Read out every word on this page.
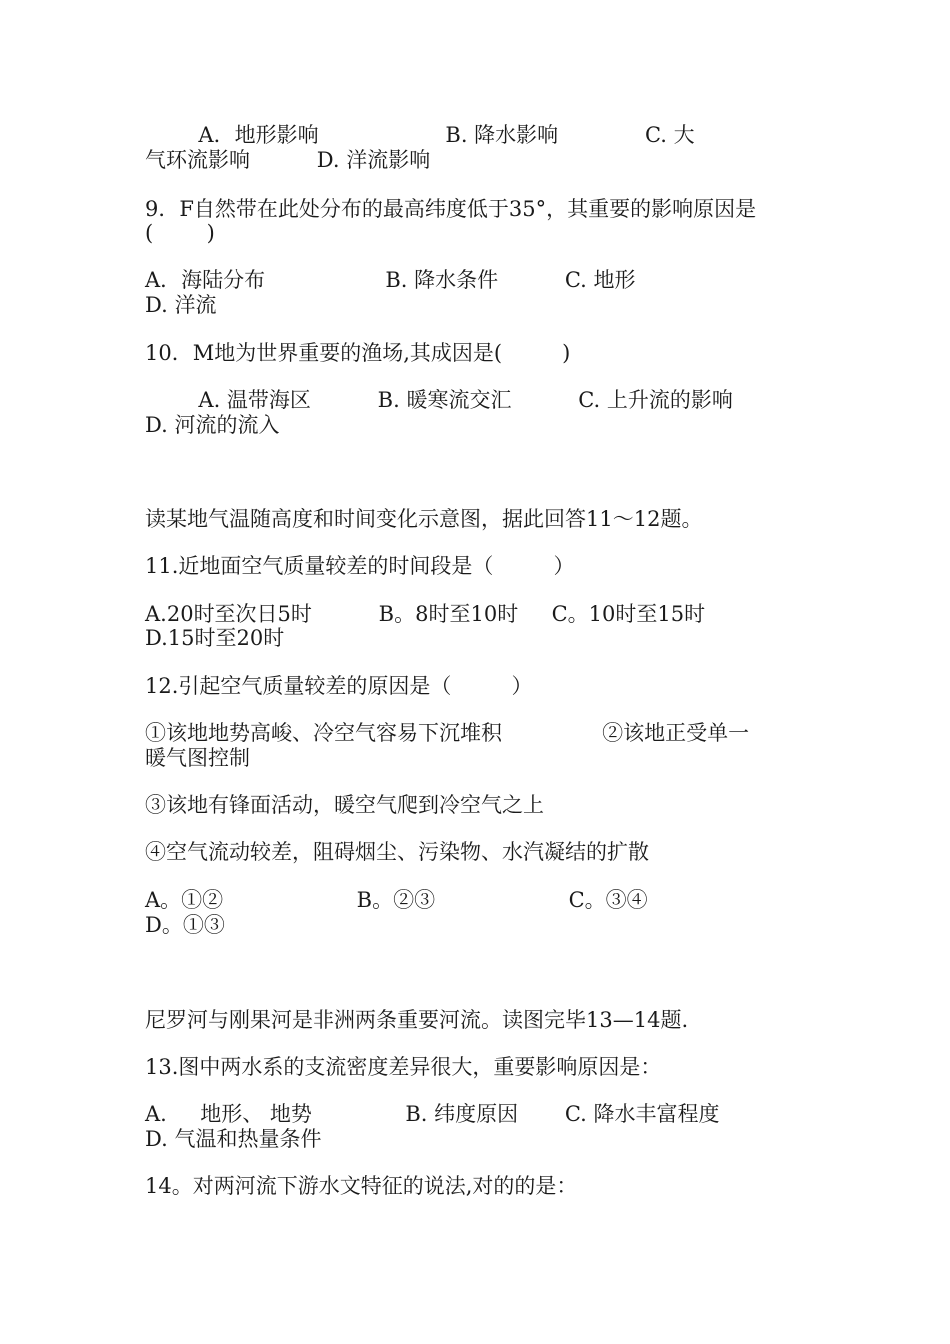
A．地形影响                   B. 降水影响             C. 大
气环流影响          D. 洋流影响
9．F自然带在此处分布的最高纬度低于35°，其重要的影响原因是
(        )
A．海陆分布                  B. 降水条件          C. 地形
D. 洋流
10．M地为世界重要的渔场,其成因是(         )
A. 温带海区          B. 暖寒流交汇          C. 上升流的影响
D. 河流的流入
读某地气温随高度和时间变化示意图，据此回答11～12题。
11.近地面空气质量较差的时间段是（         ）
A.20时至次日5时          B。8时至10时     C。10时至15时
D.15时至20时
12.引起空气质量较差的原因是（         ）
①该地地势高峻、冷空气容易下沉堆积               ②该地正受单一
暖气图控制
③该地有锋面活动，暖空气爬到冷空气之上
④空气流动较差，阻碍烟尘、污染物、水汽凝结的扩散
A。①②                    B。②③                    C。③④
D。①③
尼罗河与刚果河是非洲两条重要河流。读图完毕13—14题.
13.图中两水系的支流密度差异很大，重要影响原因是：
A.     地形、 地势              B. 纬度原因       C. 降水丰富程度
D. 气温和热量条件
14。对两河流下游水文特征的说法,对的的是：
